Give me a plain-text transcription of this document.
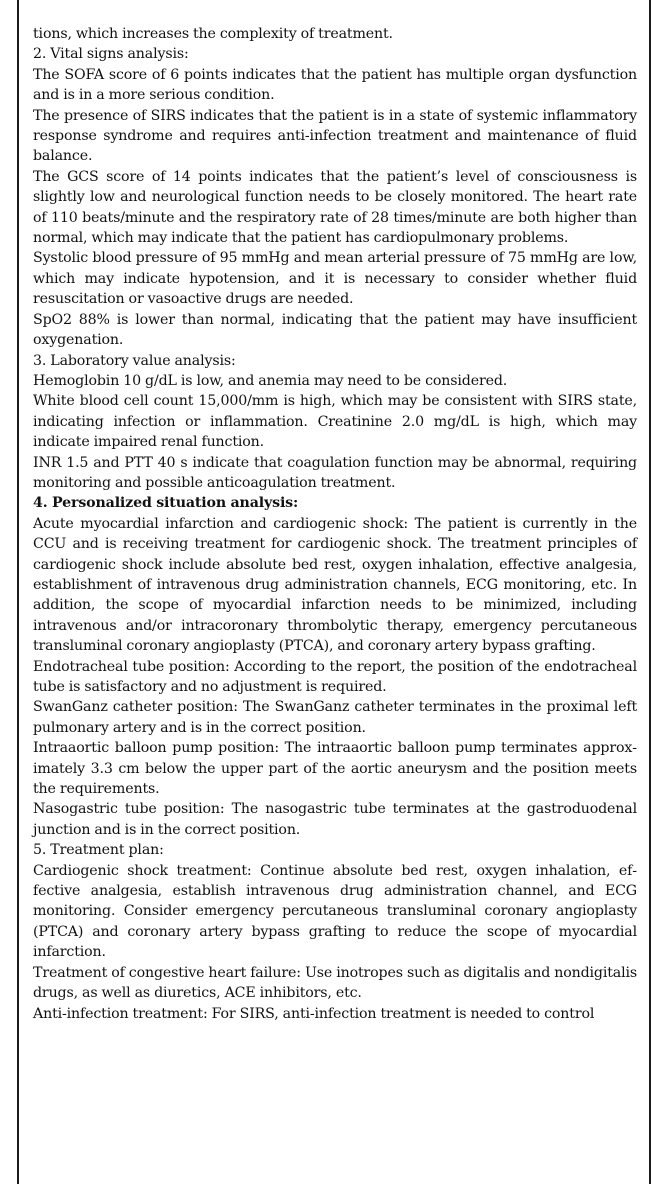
tions, which increases the complexity of treatment.

2. Vital signs analysis:

The SOFA score of 6 points indicates that the patient has multiple organ dysfunction and is in a more serious condition.

The presence of SIRS indicates that the patient is in a state of systemic inflammatory response syndrome and requires anti-infection treatment and maintenance of fluid balance.

The GCS score of 14 points indicates that the patient’s level of consciousness is slightly low and neurological function needs to be closely monitored. The heart rate of 110 beats/minute and the respiratory rate of 28 times/minute are both higher than normal, which may indicate that the patient has cardiopulmonary problems.

Systolic blood pressure of 95 mmHg and mean arterial pressure of 75 mmHg are low, which may indicate hypotension, and it is necessary to consider whether fluid resuscitation or vasoactive drugs are needed.

SpO2 88% is lower than normal, indicating that the patient may have insufficient oxygenation.

3. Laboratory value analysis:

Hemoglobin 10 g/dL is low, and anemia may need to be considered.

White blood cell count 15,000/mm is high, which may be consistent with SIRS state, indicating infection or inflammation. Creatinine 2.0 mg/dL is high, which may indicate impaired renal function.

INR 1.5 and PTT 40 s indicate that coagulation function may be abnormal, requiring monitoring and possible anticoagulation treatment.

4. Personalized situation analysis:

Acute myocardial infarction and cardiogenic shock: The patient is currently in the CCU and is receiving treatment for cardiogenic shock. The treatment principles of cardiogenic shock include absolute bed rest, oxygen inhalation, effective analgesia, establishment of intravenous drug administration channels, ECG monitoring, etc. In addition, the scope of myocardial infarction needs to be minimized, including intravenous and/or intracoronary thrombolytic therapy, emergency percutaneous transluminal coronary angioplasty (PTCA), and coronary artery bypass grafting.

Endotracheal tube position: According to the report, the position of the endotracheal tube is satisfactory and no adjustment is required.

SwanGanz catheter position: The SwanGanz catheter terminates in the proximal left pulmonary artery and is in the correct position.

Intraaortic balloon pump position: The intraaortic balloon pump terminates approximately 3.3 cm below the upper part of the aortic aneurysm and the position meets the requirements.

Nasogastric tube position: The nasogastric tube terminates at the gastroduodenal junction and is in the correct position.

5. Treatment plan:

Cardiogenic shock treatment: Continue absolute bed rest, oxygen inhalation, effective analgesia, establish intravenous drug administration channel, and ECG monitoring. Consider emergency percutaneous transluminal coronary angioplasty (PTCA) and coronary artery bypass grafting to reduce the scope of myocardial infarction.

Treatment of congestive heart failure: Use inotropes such as digitalis and nondigitalis drugs, as well as diuretics, ACE inhibitors, etc.

Anti-infection treatment: For SIRS, anti-infection treatment is needed to control
